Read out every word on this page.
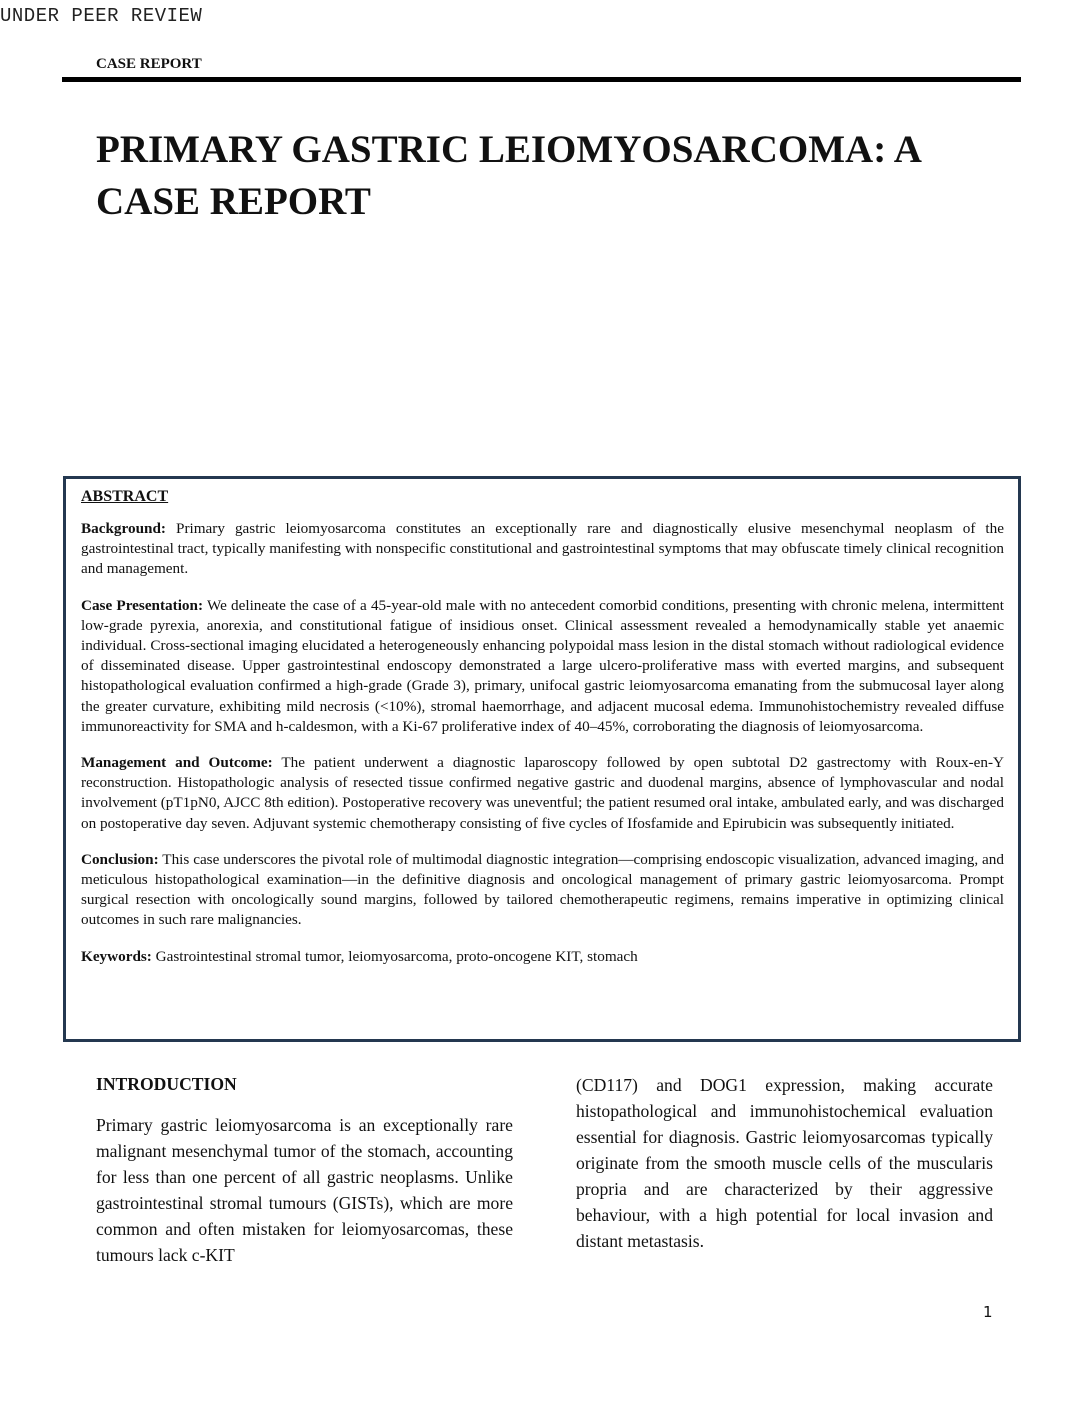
UNDER PEER REVIEW
CASE REPORT
PRIMARY GASTRIC LEIOMYOSARCOMA: A CASE REPORT
ABSTRACT

Background: Primary gastric leiomyosarcoma constitutes an exceptionally rare and diagnostically elusive mesenchymal neoplasm of the gastrointestinal tract, typically manifesting with nonspecific constitutional and gastrointestinal symptoms that may obfuscate timely clinical recognition and management.

Case Presentation: We delineate the case of a 45-year-old male with no antecedent comorbid conditions, presenting with chronic melena, intermittent low-grade pyrexia, anorexia, and constitutional fatigue of insidious onset. Clinical assessment revealed a hemodynamically stable yet anaemic individual. Cross-sectional imaging elucidated a heterogeneously enhancing polypoidal mass lesion in the distal stomach without radiological evidence of disseminated disease. Upper gastrointestinal endoscopy demonstrated a large ulcero-proliferative mass with everted margins, and subsequent histopathological evaluation confirmed a high-grade (Grade 3), primary, unifocal gastric leiomyosarcoma emanating from the submucosal layer along the greater curvature, exhibiting mild necrosis (<10%), stromal haemorrhage, and adjacent mucosal edema. Immunohistochemistry revealed diffuse immunoreactivity for SMA and h-caldesmon, with a Ki-67 proliferative index of 40–45%, corroborating the diagnosis of leiomyosarcoma.

Management and Outcome: The patient underwent a diagnostic laparoscopy followed by open subtotal D2 gastrectomy with Roux-en-Y reconstruction. Histopathologic analysis of resected tissue confirmed negative gastric and duodenal margins, absence of lymphovascular and nodal involvement (pT1pN0, AJCC 8th edition). Postoperative recovery was uneventful; the patient resumed oral intake, ambulated early, and was discharged on postoperative day seven. Adjuvant systemic chemotherapy consisting of five cycles of Ifosfamide and Epirubicin was subsequently initiated.

Conclusion: This case underscores the pivotal role of multimodal diagnostic integration—comprising endoscopic visualization, advanced imaging, and meticulous histopathological examination—in the definitive diagnosis and oncological management of primary gastric leiomyosarcoma. Prompt surgical resection with oncologically sound margins, followed by tailored chemotherapeutic regimens, remains imperative in optimizing clinical outcomes in such rare malignancies.

Keywords: Gastrointestinal stromal tumor, leiomyosarcoma, proto-oncogene KIT, stomach

INTRODUCTION

Primary gastric leiomyosarcoma is an exceptionally rare malignant mesenchymal tumor of the stomach, accounting for less than one percent of all gastric neoplasms. Unlike gastrointestinal stromal tumours (GISTs), which are more common and often mistaken for leiomyosarcomas, these tumours lack c-KIT

(CD117) and DOG1 expression, making accurate histopathological and immunohistochemical evaluation essential for diagnosis. Gastric leiomyosarcomas typically originate from the smooth muscle cells of the muscularis propria and are characterized by their aggressive behaviour, with a high potential for local invasion and distant metastasis.

1
